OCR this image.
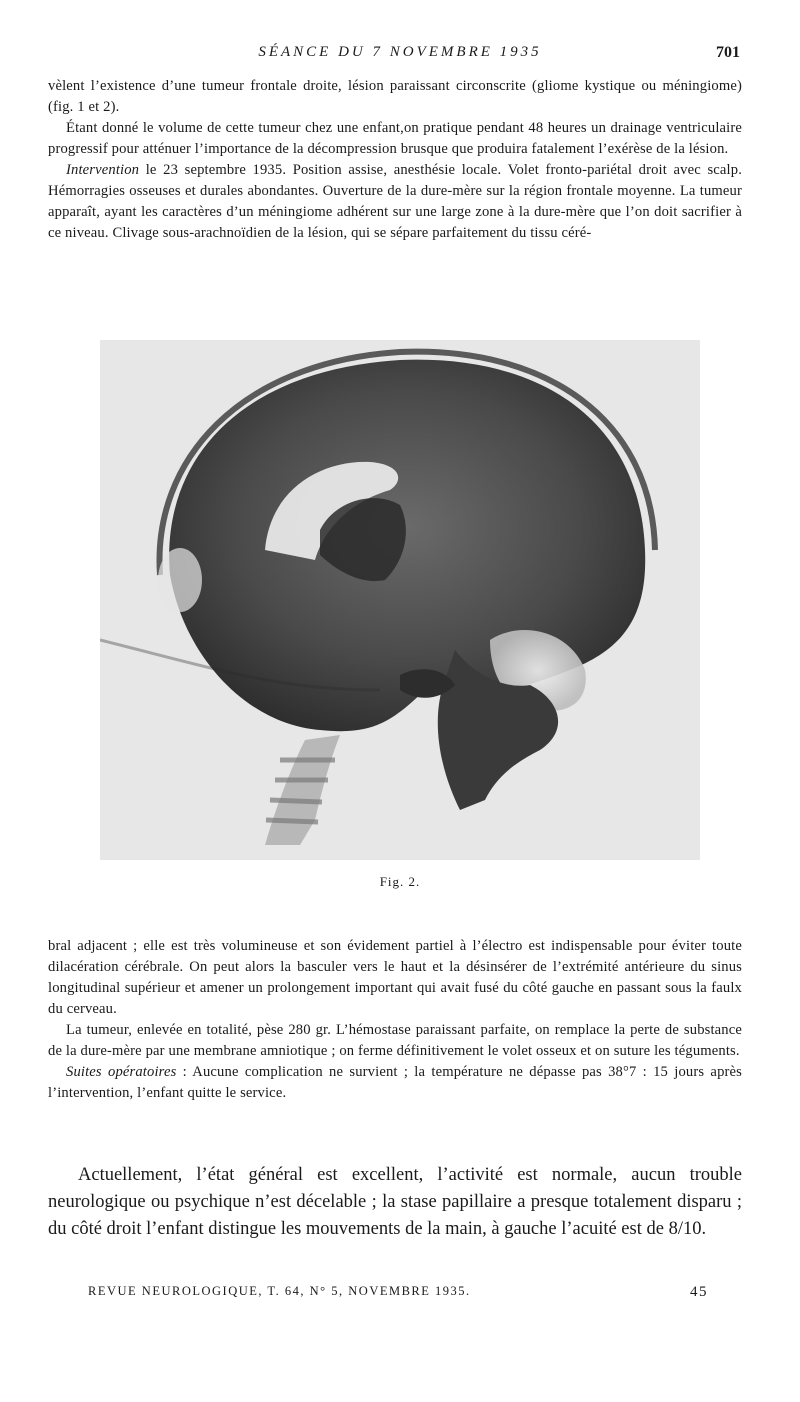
SÉANCE DU 7 NOVEMBRE 1935	701

vèlent l’existence d’une tumeur frontale droite, lésion paraissant circonscrite (gliome kystique ou méningiome) (fig. 1 et 2).

Étant donné le volume de cette tumeur chez une enfant,on pratique pendant 48 heures un drainage ventriculaire progressif pour atténuer l’importance de la décompression brusque que produira fatalement l’exérèse de la lésion.

Intervention le 23 septembre 1935. Position assise, anesthésie locale. Volet fronto-pariétal droit avec scalp. Hémorragies osseuses et durales abondantes. Ouverture de la dure-mère sur la région frontale moyenne. La tumeur apparaît, ayant les caractères d’un méningiome adhérent sur une large zone à la dure-mère que l’on doit sacrifier à ce niveau. Clivage sous-arachnoïdien de la lésion, qui se sépare parfaitement du tissu céré-

Fig. 2.

bral adjacent ; elle est très volumineuse et son évidement partiel à l’électro est indispensable pour éviter toute dilacération cérébrale. On peut alors la basculer vers le haut et la désinsérer de l’extrémité antérieure du sinus longitudinal supérieur et amener un prolongement important qui avait fusé du côté gauche en passant sous la faulx du cerveau.

La tumeur, enlevée en totalité, pèse 280 gr. L’hémostase paraissant parfaite, on remplace la perte de substance de la dure-mère par une membrane amniotique ; on ferme définitivement le volet osseux et on suture les téguments.

Suites opératoires : Aucune complication ne survient ; la température ne dépasse pas 38°7 : 15 jours après l’intervention, l’enfant quitte le service.

Actuellement, l’état général est excellent, l’activité est normale, aucun trouble neurologique ou psychique n’est décelable ; la stase papillaire a presque totalement disparu ; du côté droit l’enfant distingue les mouvements de la main, à gauche l’acuité est de 8/10.

REVUE NEUROLOGIQUE, T. 64, N° 5, NOVEMBRE 1935.	45
